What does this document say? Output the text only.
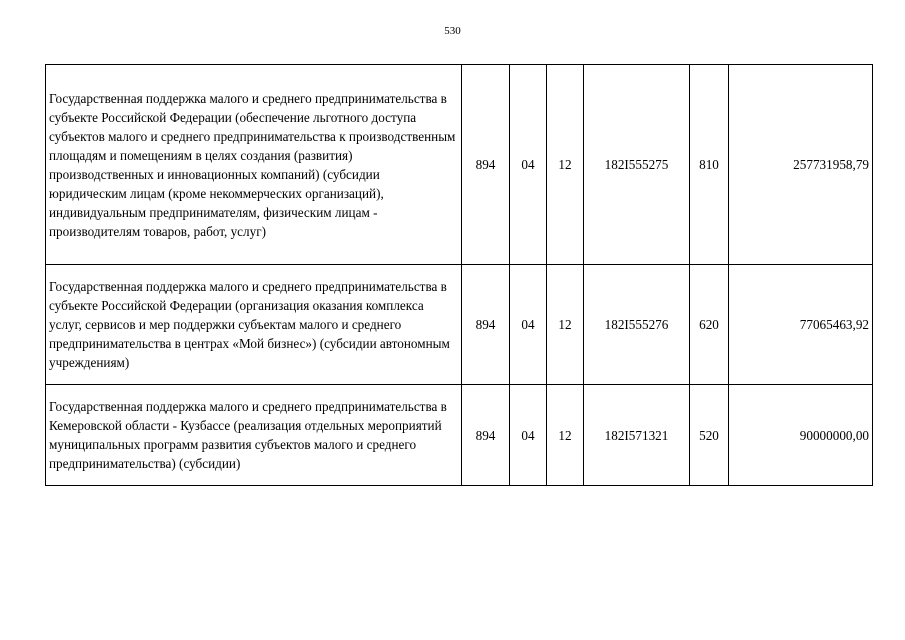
530
Государственная поддержка малого и среднего предпринимательства в субъекте Российской Федерации (обеспечение льготного доступа субъектов малого и среднего предпринимательства к производственным площадям и помещениям в целях создания (развития) производственных и инновационных компаний) (субсидии юридическим лицам (кроме некоммерческих организаций), индивидуальным предпринимателям, физическим лицам - производителям товаров, работ, услуг)	894	04	12	182I555275	810	257731958,79
Государственная поддержка малого и среднего предпринимательства в субъекте Российской Федерации (организация оказания комплекса услуг, сервисов и мер поддержки субъектам малого и среднего предпринимательства в центрах «Мой бизнес») (субсидии автономным учреждениям)	894	04	12	182I555276	620	77065463,92
Государственная поддержка малого и среднего предпринимательства в Кемеровской области - Кузбассе (реализация отдельных мероприятий муниципальных программ развития субъектов малого и среднего предпринимательства) (субсидии)	894	04	12	182I571321	520	90000000,00
